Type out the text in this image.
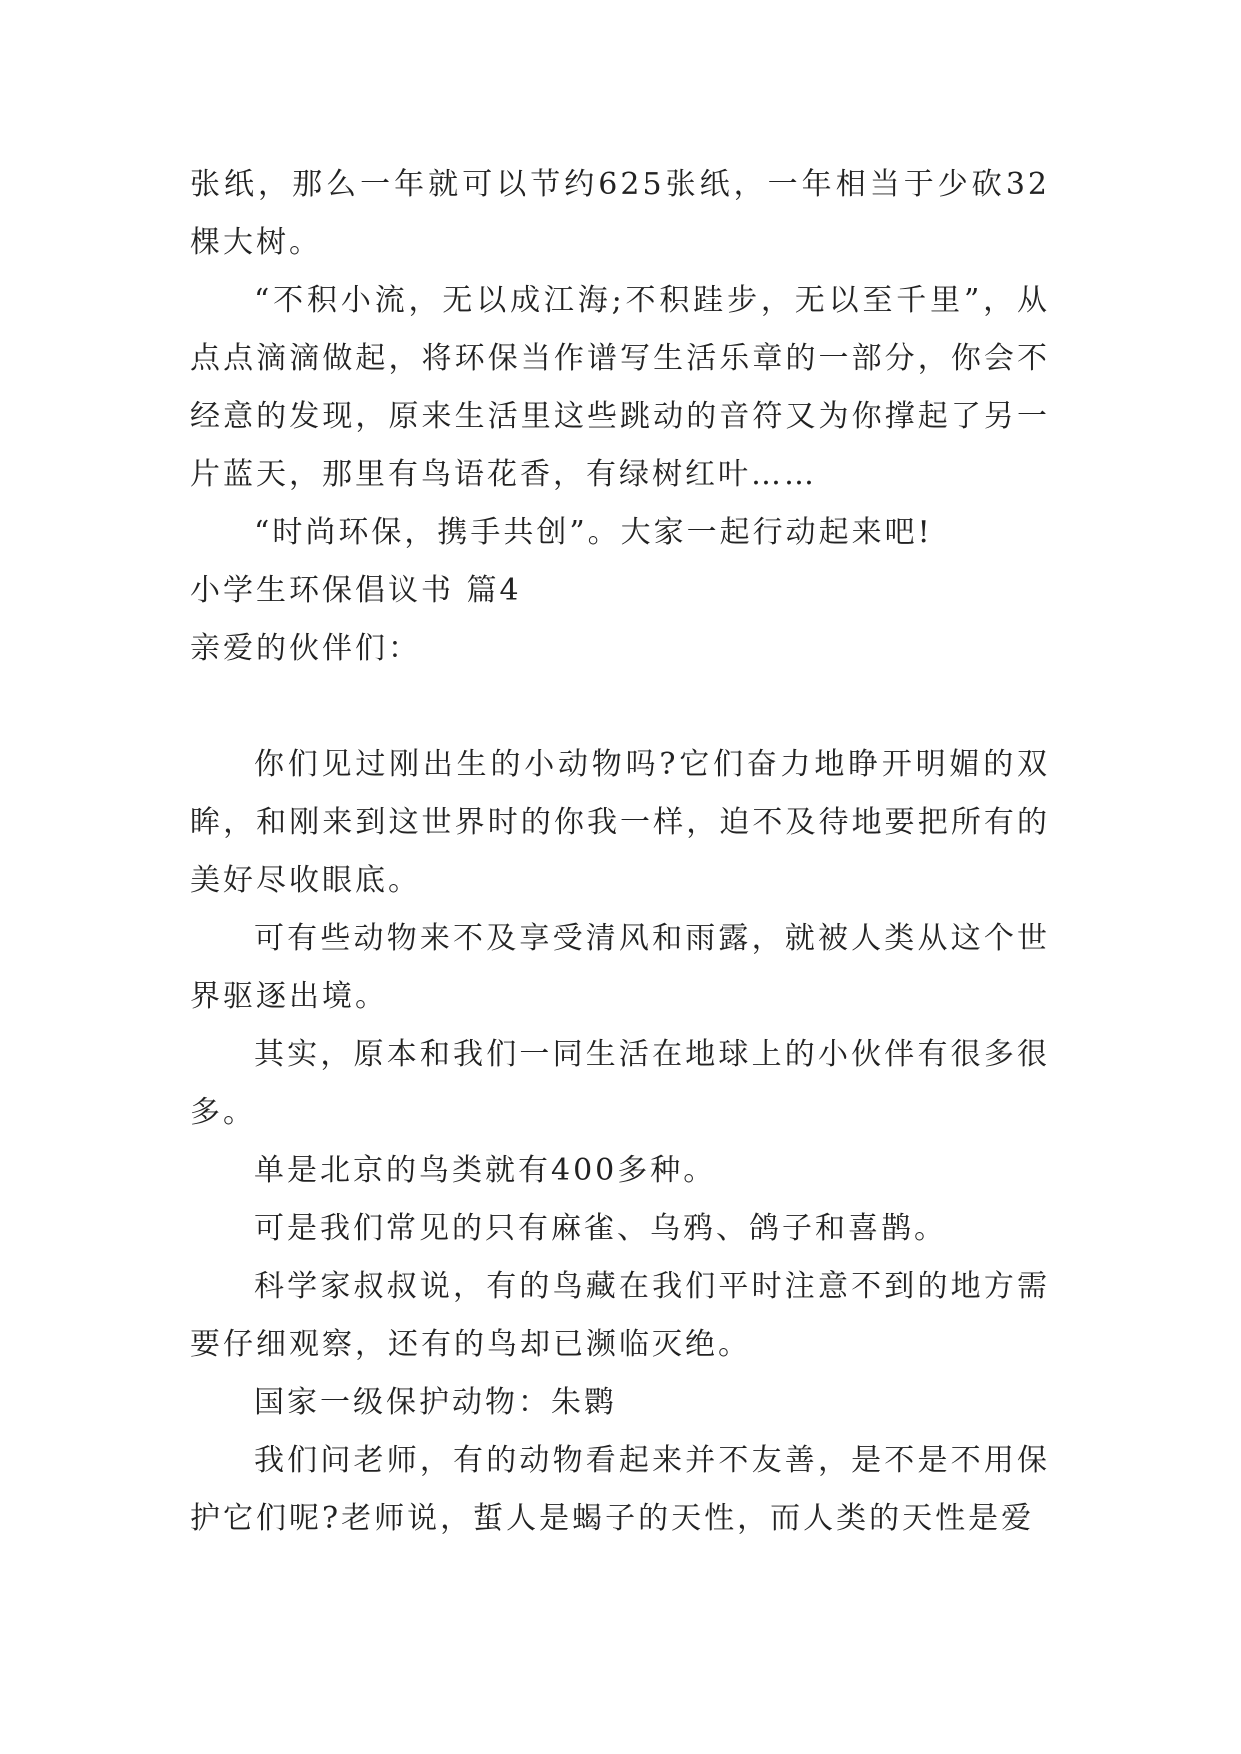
张纸，那么一年就可以节约625张纸，一年相当于少砍32棵大树。

“不积小流，无以成江海;不积跬步，无以至千里”，从点点滴滴做起，将环保当作谱写生活乐章的一部分，你会不经意的发现，原来生活里这些跳动的音符又为你撑起了另一片蓝天，那里有鸟语花香，有绿树红叶……

“时尚环保，携手共创”。大家一起行动起来吧!

小学生环保倡议书 篇4

亲爱的伙伴们：

你们见过刚出生的小动物吗?它们奋力地睁开明媚的双眸，和刚来到这世界时的你我一样，迫不及待地要把所有的美好尽收眼底。

可有些动物来不及享受清风和雨露，就被人类从这个世界驱逐出境。

其实，原本和我们一同生活在地球上的小伙伴有很多很多。

单是北京的鸟类就有400多种。

可是我们常见的只有麻雀、乌鸦、鸽子和喜鹊。

科学家叔叔说，有的鸟藏在我们平时注意不到的地方需要仔细观察，还有的鸟却已濒临灭绝。

国家一级保护动物：朱鹮

我们问老师，有的动物看起来并不友善，是不是不用保护它们呢?老师说，蜇人是蝎子的天性，而人类的天性是爱
